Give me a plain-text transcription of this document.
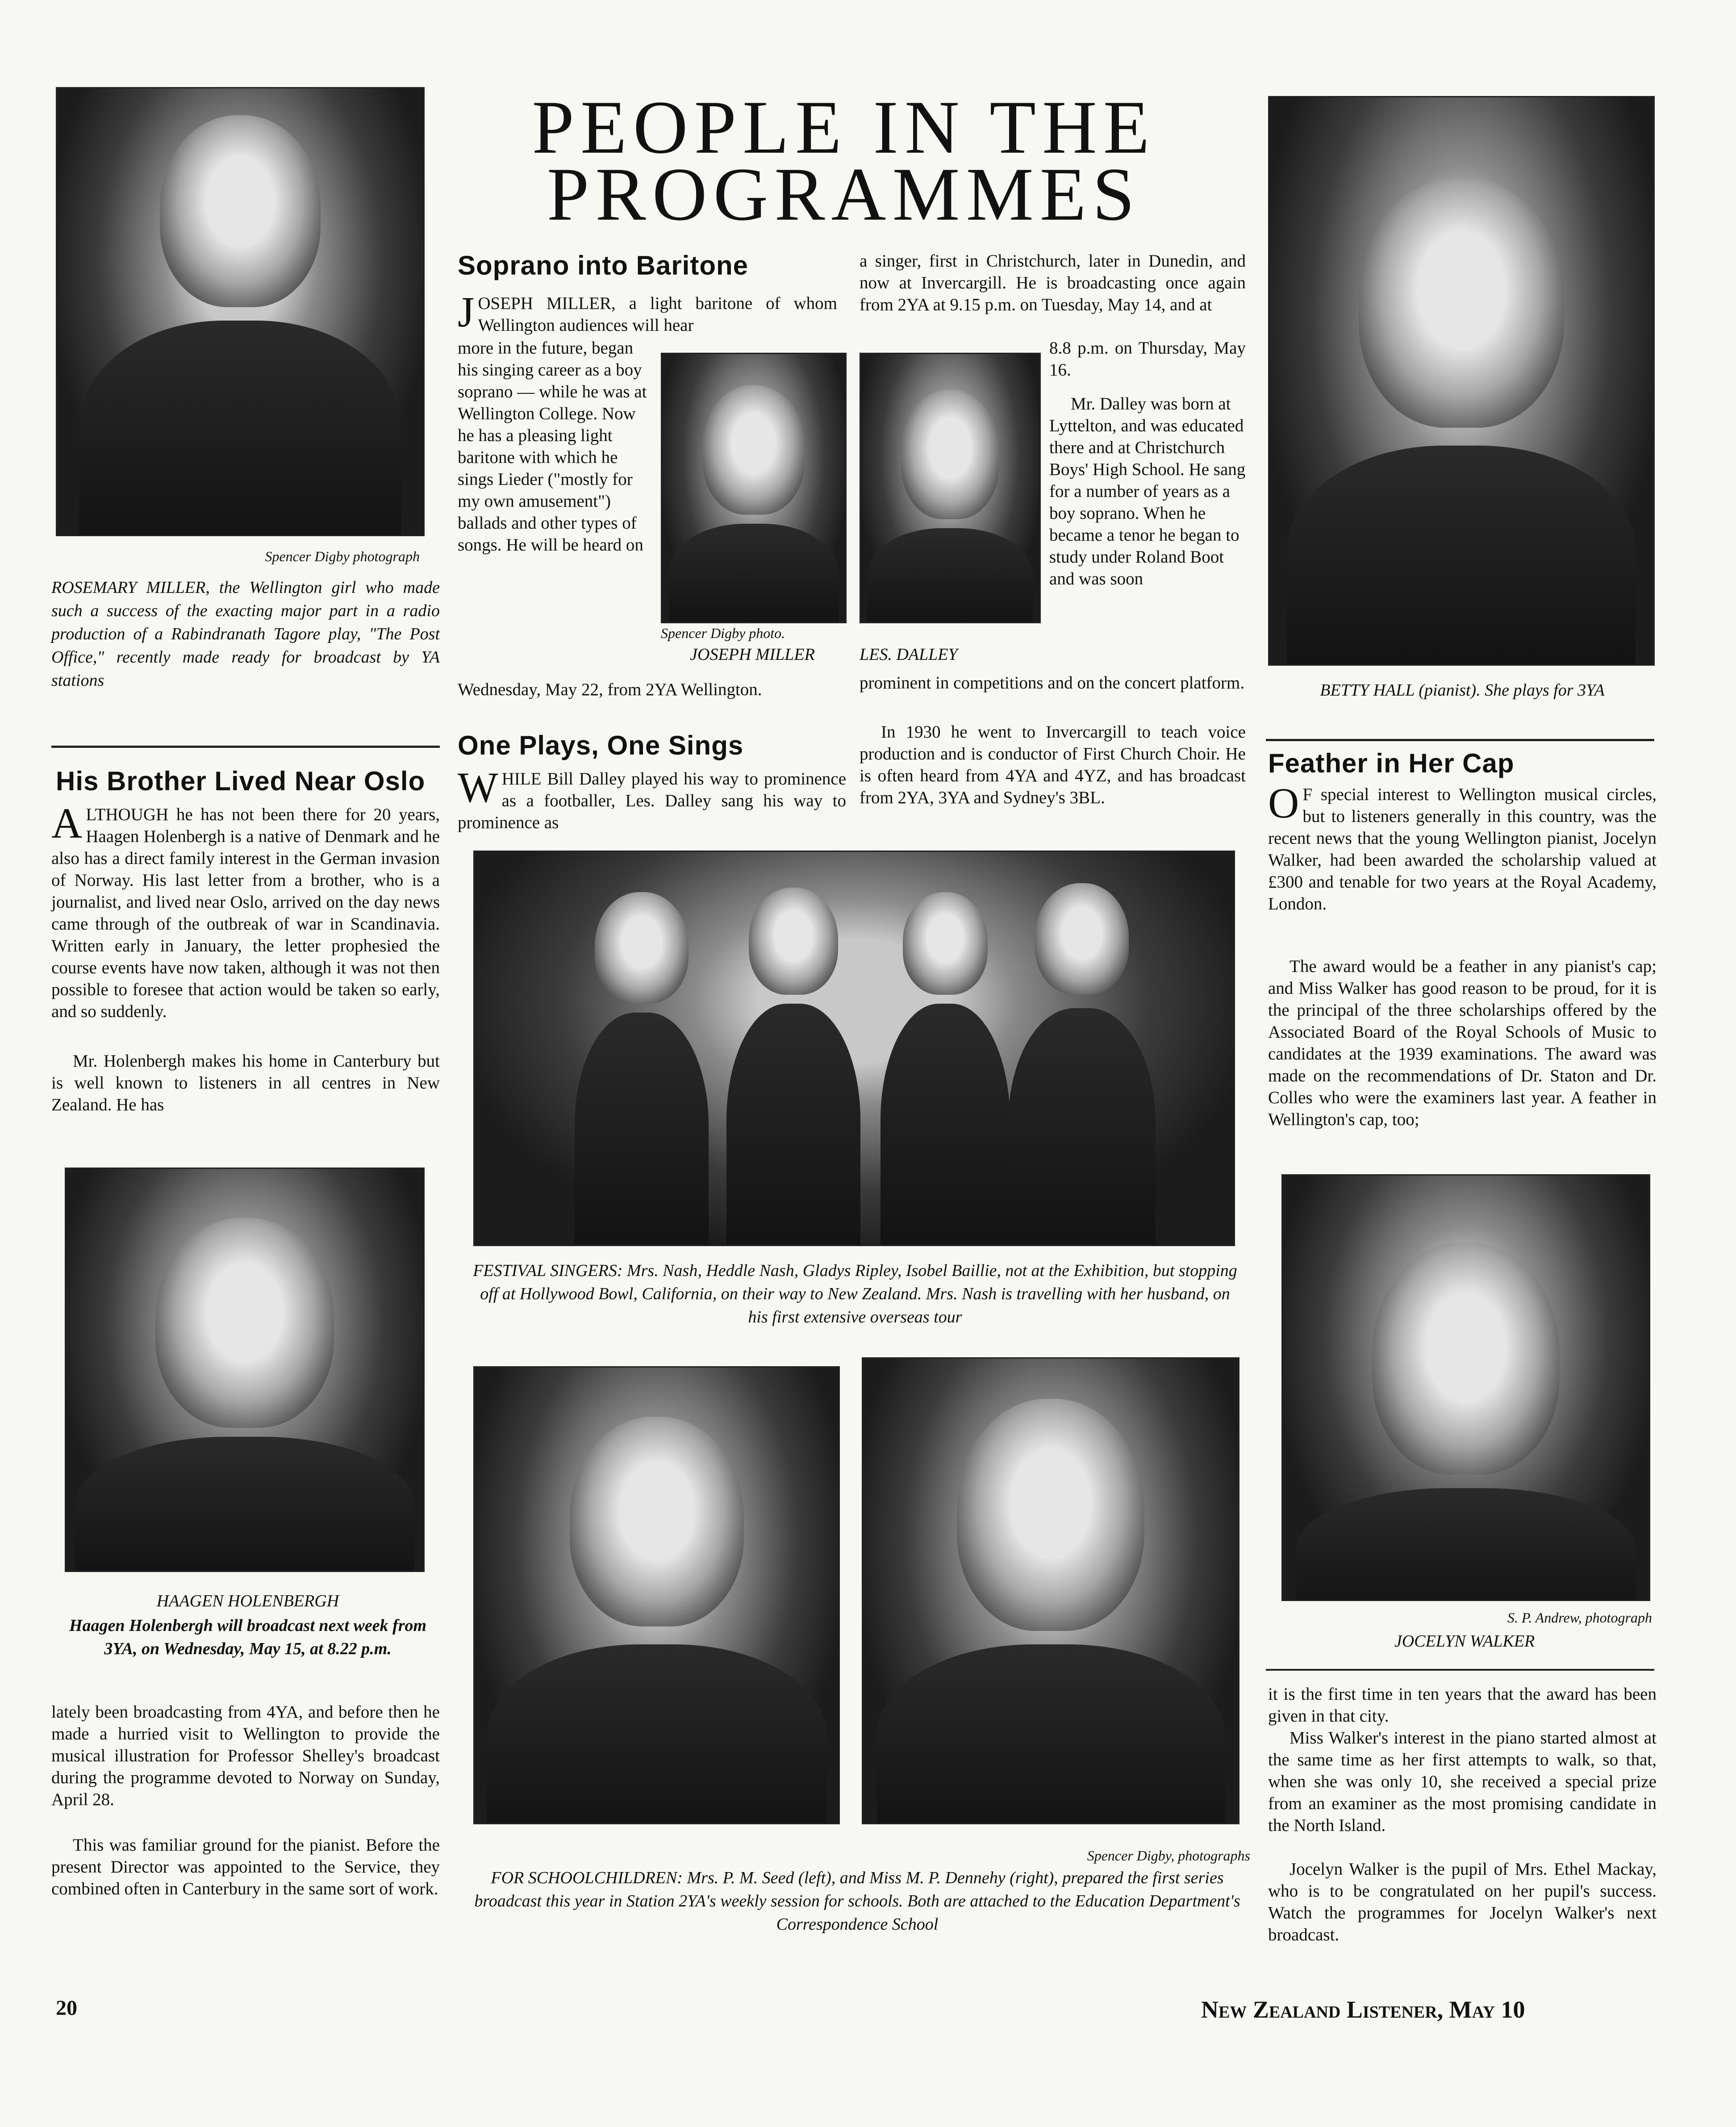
PEOPLE IN THE PROGRAMMES
Spencer Digby photograph
ROSEMARY MILLER, the Wellington girl who made such a success of the exacting major part in a radio production of a Rabindranath Tagore play, "The Post Office," recently made ready for broadcast by YA stations
His Brother Lived Near Oslo

ALTHOUGH he has not been there for 20 years, Haagen Holenbergh is a native of Denmark and he also has a direct family interest in the German invasion of Norway. His last letter from a brother, who is a journalist, and lived near Oslo, arrived on the day news came through of the outbreak of war in Scandinavia. Written early in January, the letter prophesied the course events have now taken, although it was not then possible to foresee that action would be taken so early, and so suddenly.

Mr. Holenbergh makes his home in Canterbury but is well known to listeners in all centres in New Zealand. He has

HAAGEN HOLENBERGH
Haagen Holenbergh will broadcast next week from 3YA, on Wednesday, May 15, at 8.22 p.m.

lately been broadcasting from 4YA, and before then he made a hurried visit to Wellington to provide the musical illustration for Professor Shelley's broadcast during the programme devoted to Norway on Sunday, April 28.

This was familiar ground for the pianist. Before the present Director was appointed to the Service, they combined often in Canterbury in the same sort of work.

Soprano into Baritone

JOSEPH MILLER, a light baritone of whom Wellington audiences will hear

more in the future, began his singing career as a boy soprano — while he was at Wellington College. Now he has a pleasing light baritone with which he sings Lieder ("mostly for my own amusement") ballads and other types of songs. He will be heard on

Spencer Digby photo.
JOSEPH MILLER	LES. DALLEY

Wednesday, May 22, from 2YA Wellington.

One Plays, One Sings

WHILE Bill Dalley played his way to prominence as a footballer, Les. Dalley sang his way to prominence as

a singer, first in Christchurch, later in Dunedin, and now at Invercargill. He is broadcasting once again from 2YA at 9.15 p.m. on Tuesday, May 14, and at

8.8 p.m. on Thursday, May 16.

Mr. Dalley was born at Lyttelton, and was educated there and at Christchurch Boys' High School. He sang for a number of years as a boy soprano. When he became a tenor he began to study under Roland Boot and was soon

prominent in competitions and on the concert platform.

In 1930 he went to Invercargill to teach voice production and is conductor of First Church Choir. He is often heard from 4YA and 4YZ, and has broadcast from 2YA, 3YA and Sydney's 3BL.

FESTIVAL SINGERS: Mrs. Nash, Heddle Nash, Gladys Ripley, Isobel Baillie, not at the Exhibition, but stopping off at Hollywood Bowl, California, on their way to New Zealand. Mrs. Nash is travelling with her husband, on his first extensive overseas tour
Spencer Digby, photographs
FOR SCHOOLCHILDREN: Mrs. P. M. Seed (left), and Miss M. P. Dennehy (right), prepared the first series broadcast this year in Station 2YA's weekly session for schools. Both are attached to the Education Department's Correspondence School
BETTY HALL (pianist). She plays for 3YA
Feather in Her Cap

OF special interest to Wellington musical circles, but to listeners generally in this country, was the recent news that the young Wellington pianist, Jocelyn Walker, had been awarded the scholarship valued at £300 and tenable for two years at the Royal Academy, London.

The award would be a feather in any pianist's cap; and Miss Walker has good reason to be proud, for it is the principal of the three scholarships offered by the Associated Board of the Royal Schools of Music to candidates at the 1939 examinations. The award was made on the recommendations of Dr. Staton and Dr. Colles who were the examiners last year. A feather in Wellington's cap, too;

S. P. Andrew, photograph
JOCELYN WALKER

it is the first time in ten years that the award has been given in that city.

Miss Walker's interest in the piano started almost at the same time as her first attempts to walk, so that, when she was only 10, she received a special prize from an examiner as the most promising candidate in the North Island.

Jocelyn Walker is the pupil of Mrs. Ethel Mackay, who is to be congratulated on her pupil's success. Watch the programmes for Jocelyn Walker's next broadcast.

20	New Zealand Listener, May 10
